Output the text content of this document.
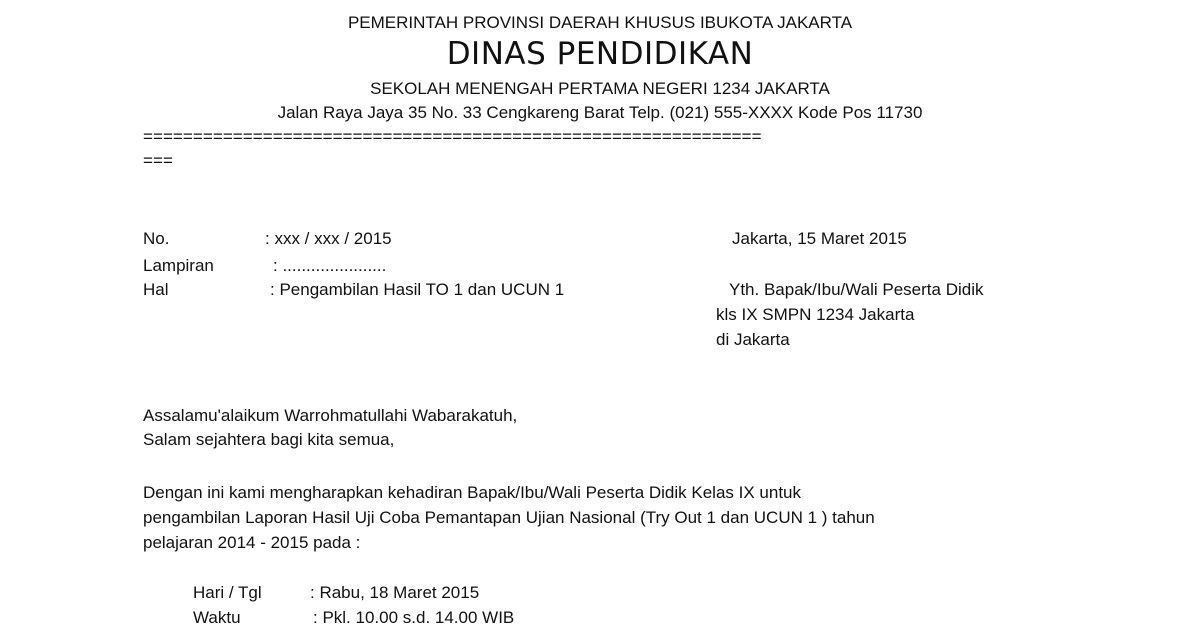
PEMERINTAH PROVINSI DAERAH KHUSUS IBUKOTA JAKARTA
DINAS PENDIDIKAN
SEKOLAH MENENGAH PERTAMA NEGERI 1234 JAKARTA
Jalan Raya Jaya 35 No. 33 Cengkareng Barat Telp. (021) 555-XXXX Kode Pos 11730
==============================================================
===
No.	: xxx / xxx / 2015
Lampiran	: ......................
Hal	: Pengambilan Hasil TO 1 dan UCUN 1
Jakarta, 15 Maret 2015
Yth. Bapak/Ibu/Wali Peserta Didik
kls IX SMPN 1234 Jakarta
di Jakarta
Assalamu'alaikum Warrohmatullahi Wabarakatuh,
Salam sejahtera bagi kita semua,
Dengan ini kami mengharapkan kehadiran Bapak/Ibu/Wali Peserta Didik Kelas IX untuk
pengambilan Laporan Hasil Uji Coba Pemantapan Ujian Nasional (Try Out 1 dan UCUN 1 ) tahun
pelajaran 2014 - 2015 pada :
Hari / Tgl	: Rabu, 18 Maret 2015
Waktu	: Pkl. 10.00 s.d. 14.00 WIB
